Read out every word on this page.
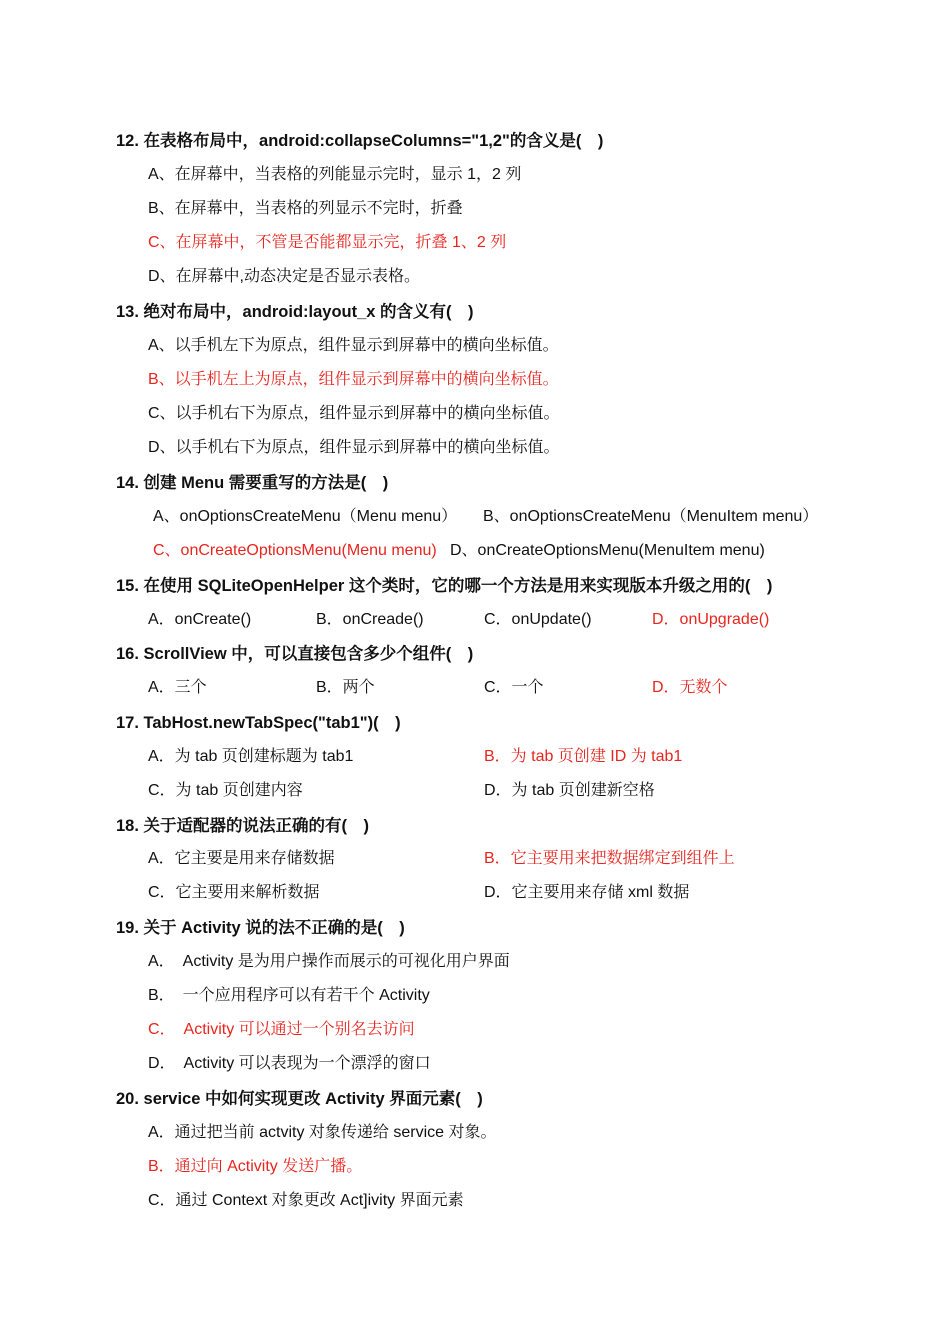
12. 在表格布局中，android:collapseColumns="1,2"的含义是(　)
A、在屏幕中，当表格的列能显示完时，显示 1，2 列
B、在屏幕中，当表格的列显示不完时，折叠
C、在屏幕中，不管是否能都显示完，折叠 1、2 列
D、在屏幕中,动态决定是否显示表格。
13. 绝对布局中，android:layout_x 的含义有(　)
A、以手机左下为原点，组件显示到屏幕中的横向坐标值。
B、以手机左上为原点，组件显示到屏幕中的横向坐标值。
C、以手机右下为原点，组件显示到屏幕中的横向坐标值。
D、以手机右下为原点，组件显示到屏幕中的横向坐标值。
14. 创建 Menu 需要重写的方法是(　)
A、onOptionsCreateMenu（Menu menu） B、onOptionsCreateMenu（MenuItem menu）
C、onCreateOptionsMenu(Menu menu) D、onCreateOptionsMenu(MenuItem menu)
15. 在使用 SQLiteOpenHelper 这个类时，它的哪一个方法是用来实现版本升级之用的(　)
A．onCreate()	B．onCreade()	C．onUpdate()	D．onUpgrade()
16. ScrollView 中，可以直接包含多少个组件(　)
A．三个	B．两个	C．一个	D．无数个
17. TabHost.newTabSpec("tab1")(　)
A．为 tab 页创建标题为 tab1	B．为 tab 页创建 ID 为 tab1
C．为 tab 页创建内容	D．为 tab 页创建新空格
18. 关于适配器的说法正确的有(　)
A．它主要是用来存储数据	B．它主要用来把数据绑定到组件上
C．它主要用来解析数据	D．它主要用来存储 xml 数据
19. 关于 Activity 说的法不正确的是(　)
A．　Activity 是为用户操作而展示的可视化用户界面
B．　一个应用程序可以有若干个 Activity
C．　Activity 可以通过一个别名去访问
D．　Activity 可以表现为一个漂浮的窗口
20. service 中如何实现更改 Activity 界面元素(　)
A．通过把当前 actvity 对象传递给 service 对象。
B．通过向 Activity 发送广播。
C．通过 Context 对象更改 Act]ivity 界面元素
